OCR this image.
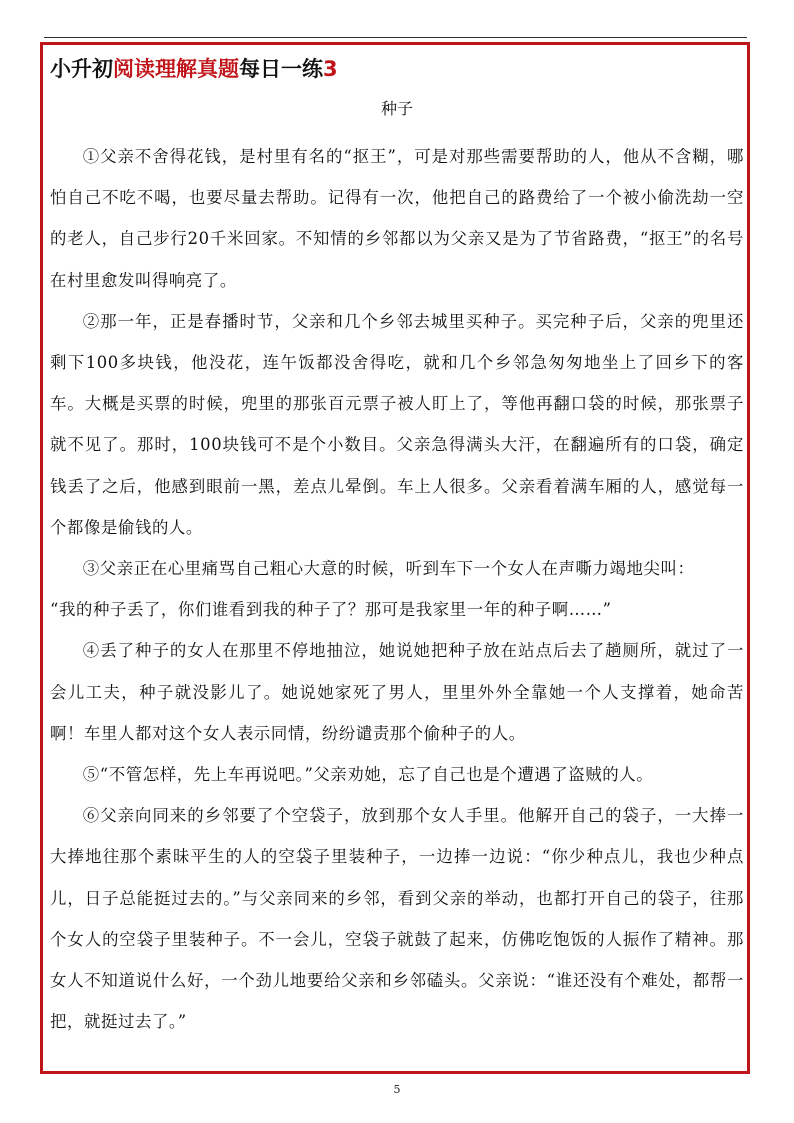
小升初阅读理解真题每日一练3
种子

①父亲不舍得花钱，是村里有名的“抠王”，可是对那些需要帮助的人，他从不含糊，哪怕自己不吃不喝，也要尽量去帮助。记得有一次，他把自己的路费给了一个被小偷洗劫一空的老人，自己步行20千米回家。不知情的乡邻都以为父亲又是为了节省路费，“抠王”的名号在村里愈发叫得响亮了。

②那一年，正是春播时节，父亲和几个乡邻去城里买种子。买完种子后，父亲的兜里还剩下100多块钱，他没花，连午饭都没舍得吃，就和几个乡邻急匆匆地坐上了回乡下的客车。大概是买票的时候，兜里的那张百元票子被人盯上了，等他再翻口袋的时候，那张票子就不见了。那时，100块钱可不是个小数目。父亲急得满头大汗，在翻遍所有的口袋，确定钱丢了之后，他感到眼前一黑，差点儿晕倒。车上人很多。父亲看着满车厢的人，感觉每一个都像是偷钱的人。

③父亲正在心里痛骂自己粗心大意的时候，听到车下一个女人在声嘶力竭地尖叫：

“我的种子丢了，你们谁看到我的种子了？那可是我家里一年的种子啊……”

④丢了种子的女人在那里不停地抽泣，她说她把种子放在站点后去了趟厕所，就过了一会儿工夫，种子就没影儿了。她说她家死了男人，里里外外全靠她一个人支撑着，她命苦啊！车里人都对这个女人表示同情，纷纷谴责那个偷种子的人。

⑤“不管怎样，先上车再说吧。”父亲劝她，忘了自己也是个遭遇了盗贼的人。

⑥父亲向同来的乡邻要了个空袋子，放到那个女人手里。他解开自己的袋子，一大捧一大捧地往那个素昧平生的人的空袋子里装种子，一边捧一边说：“你少种点儿，我也少种点儿，日子总能挺过去的。”与父亲同来的乡邻，看到父亲的举动，也都打开自己的袋子，往那个女人的空袋子里装种子。不一会儿，空袋子就鼓了起来，仿佛吃饱饭的人振作了精神。那女人不知道说什么好，一个劲儿地要给父亲和乡邻磕头。父亲说：“谁还没有个难处，都帮一把，就挺过去了。”

5
